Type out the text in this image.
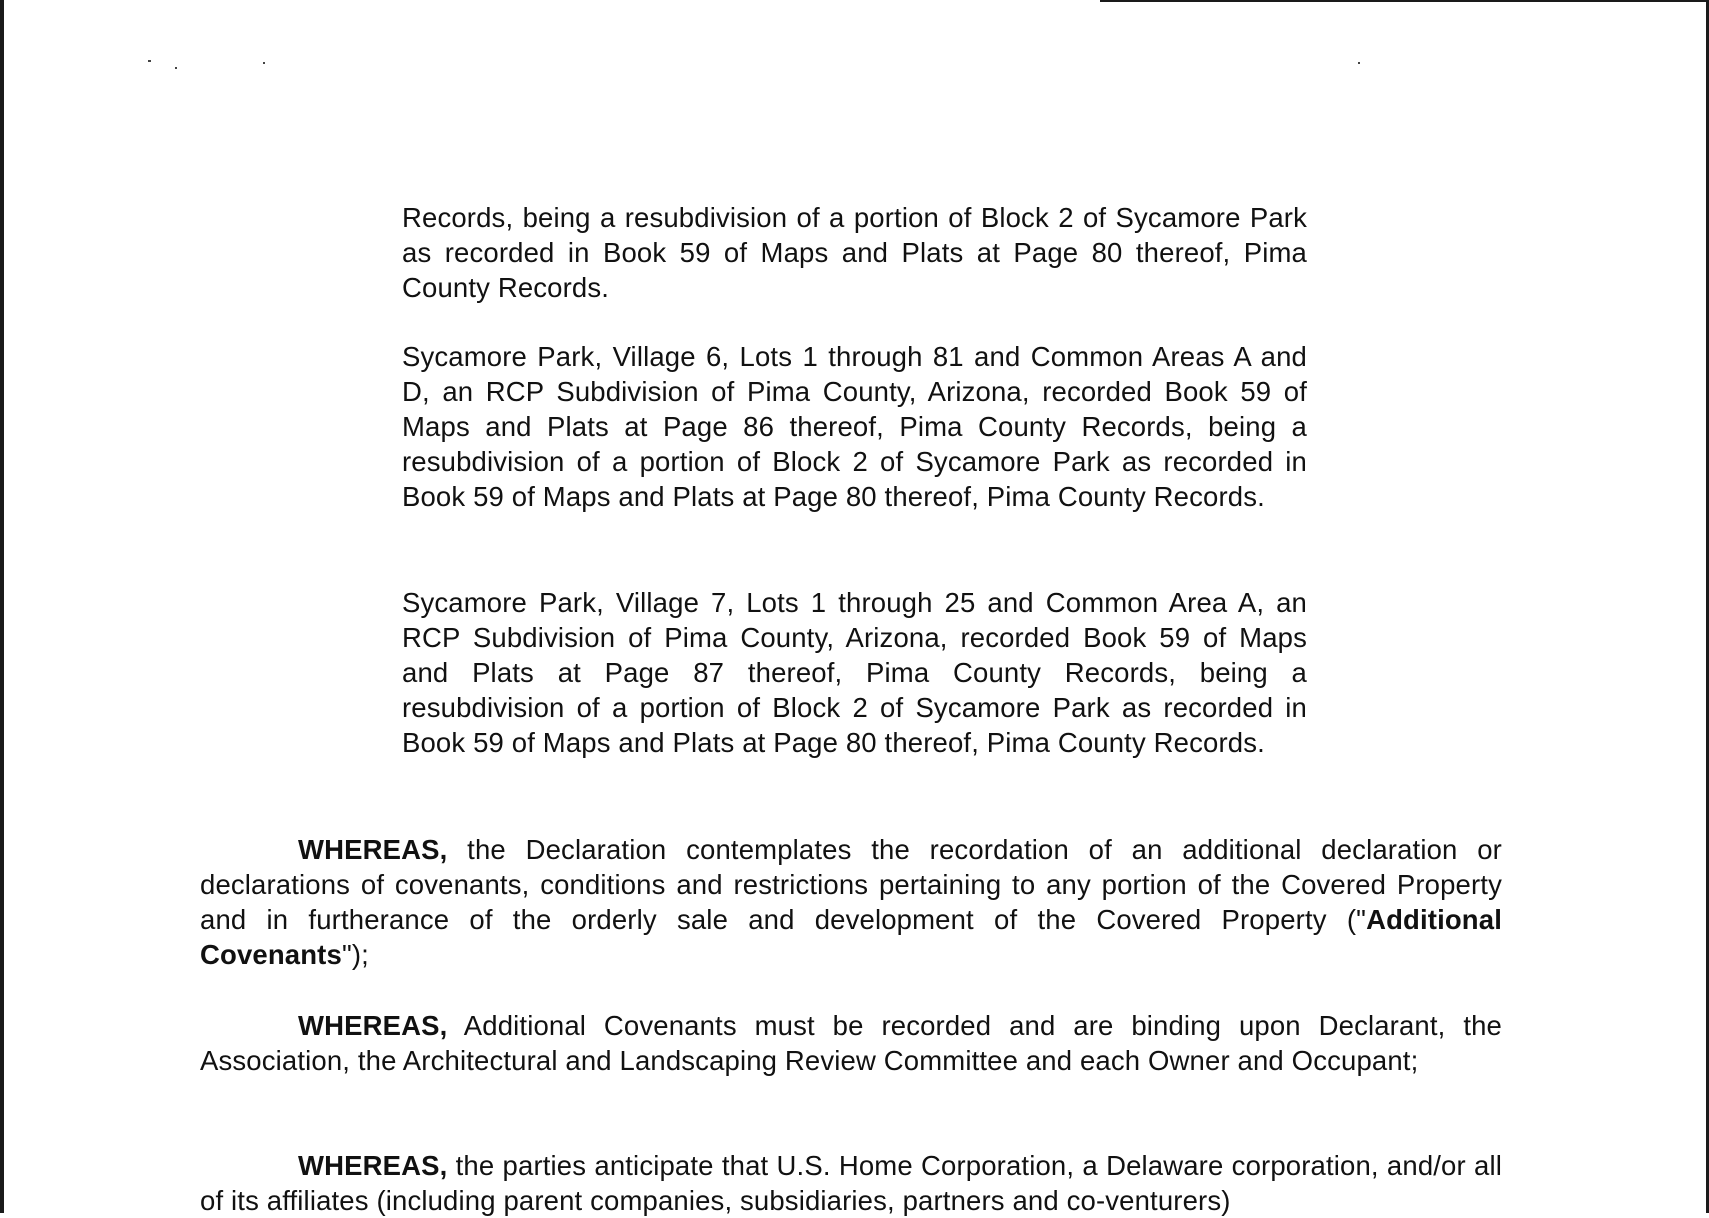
Records, being a resubdivision of a portion of Block 2 of Sycamore Park as recorded in Book 59 of Maps and Plats at Page 80 thereof, Pima County Records.

Sycamore Park, Village 6, Lots 1 through 81 and Common Areas A and D, an RCP Subdivision of Pima County, Arizona, recorded Book 59 of Maps and Plats at Page 86 thereof, Pima County Records, being a resubdivision of a portion of Block 2 of Sycamore Park as recorded in Book 59 of Maps and Plats at Page 80 thereof, Pima County Records.

Sycamore Park, Village 7, Lots 1 through 25 and Common Area A, an RCP Subdivision of Pima County, Arizona, recorded Book 59 of Maps and Plats at Page 87 thereof, Pima County Records, being a resubdivision of a portion of Block 2 of Sycamore Park as recorded in Book 59 of Maps and Plats at Page 80 thereof, Pima County Records.

WHEREAS, the Declaration contemplates the recordation of an additional declaration or declarations of covenants, conditions and restrictions pertaining to any portion of the Covered Property and in furtherance of the orderly sale and development of the Covered Property ("Additional Covenants");

WHEREAS, Additional Covenants must be recorded and are binding upon Declarant, the Association, the Architectural and Landscaping Review Committee and each Owner and Occupant;

WHEREAS, the parties anticipate that U.S. Home Corporation, a Delaware corporation, and/or all of its affiliates (including parent companies, subsidiaries, partners and co-venturers)
